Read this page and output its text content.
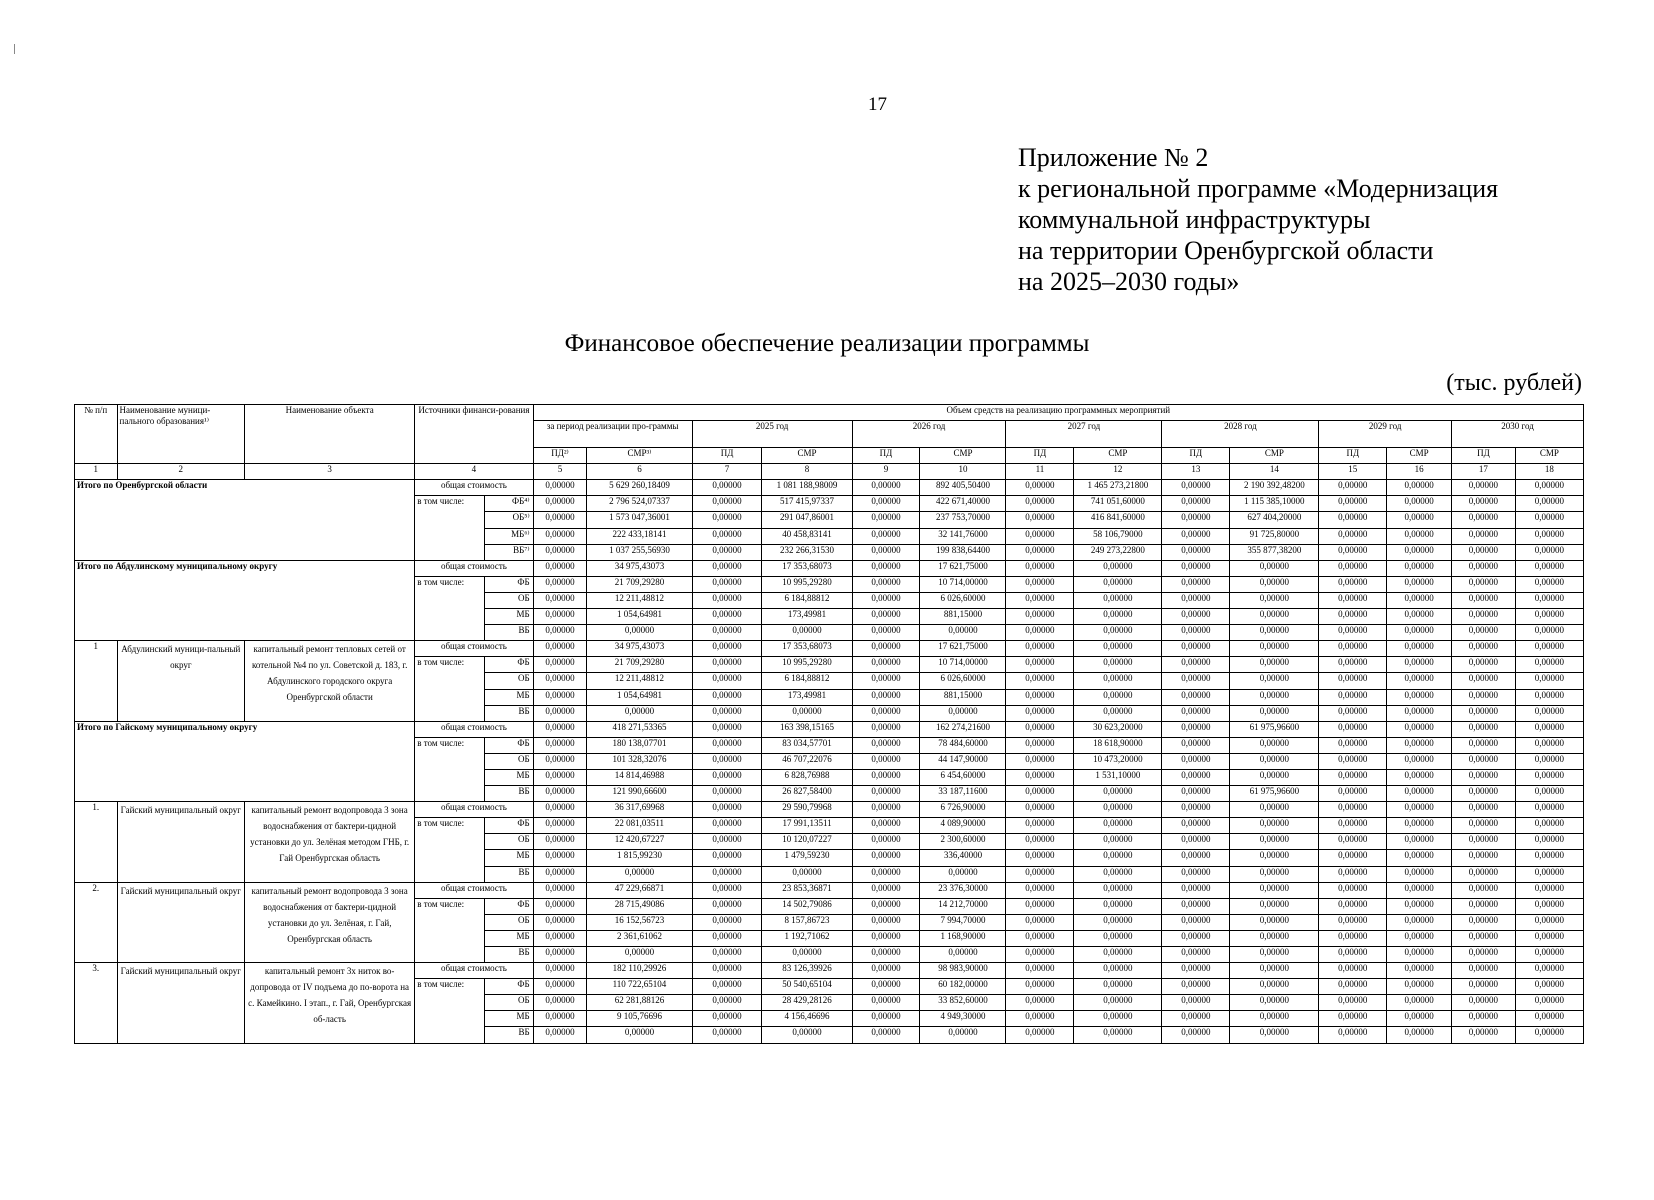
17
Приложение № 2
к региональной программе «Модернизация
коммунальной инфраструктуры
на территории Оренбургской области
на 2025–2030 годы»
Финансовое обеспечение реализации программы
(тыс. рублей)
№ п/п	Наименование муници-пального образования¹⁾	Наименование объекта	Источники финанси-рования		Объем средств на реализацию программных мероприятий													
					за период реализации про-граммы		2025 год		2026 год		2027 год		2028 год		2029 год		2030 год	
					ПД²⁾	СМР³⁾	ПД	СМР	ПД	СМР	ПД	СМР	ПД	СМР	ПД	СМР	ПД	СМР
1	2	3	4		5	6	7	8	9	10	11	12	13	14	15	16	17	18
Итого по Оренбургской области			общая стоимость		0,00000	5 629 260,18409	0,00000	1 081 188,98009	0,00000	892 405,50400	0,00000	1 465 273,21800	0,00000	2 190 392,48200	0,00000	0,00000	0,00000	0,00000
			в том числе:	ФБ⁴⁾	0,00000	2 796 524,07337	0,00000	517 415,97337	0,00000	422 671,40000	0,00000	741 051,60000	0,00000	1 115 385,10000	0,00000	0,00000	0,00000	0,00000
				ОБ⁵⁾	0,00000	1 573 047,36001	0,00000	291 047,86001	0,00000	237 753,70000	0,00000	416 841,60000	0,00000	627 404,20000	0,00000	0,00000	0,00000	0,00000
				МБ⁶⁾	0,00000	222 433,18141	0,00000	40 458,83141	0,00000	32 141,76000	0,00000	58 106,79000	0,00000	91 725,80000	0,00000	0,00000	0,00000	0,00000
				ВБ⁷⁾	0,00000	1 037 255,56930	0,00000	232 266,31530	0,00000	199 838,64400	0,00000	249 273,22800	0,00000	355 877,38200	0,00000	0,00000	0,00000	0,00000
Итого по Абдулинскому муниципальному округу			общая стоимость		0,00000	34 975,43073	0,00000	17 353,68073	0,00000	17 621,75000	0,00000	0,00000	0,00000	0,00000	0,00000	0,00000	0,00000	0,00000
			в том числе:	ФБ	0,00000	21 709,29280	0,00000	10 995,29280	0,00000	10 714,00000	0,00000	0,00000	0,00000	0,00000	0,00000	0,00000	0,00000	0,00000
				ОБ	0,00000	12 211,48812	0,00000	6 184,88812	0,00000	6 026,60000	0,00000	0,00000	0,00000	0,00000	0,00000	0,00000	0,00000	0,00000
				МБ	0,00000	1 054,64981	0,00000	173,49981	0,00000	881,15000	0,00000	0,00000	0,00000	0,00000	0,00000	0,00000	0,00000	0,00000
				ВБ	0,00000	0,00000	0,00000	0,00000	0,00000	0,00000	0,00000	0,00000	0,00000	0,00000	0,00000	0,00000	0,00000	0,00000
1	Абдулинский муници-пальный округ	капитальный ремонт тепловых сетей от котельной №4 по ул. Советской д. 183, г. Абдулинского городского округа Оренбургской области	общая стоимость		0,00000	34 975,43073	0,00000	17 353,68073	0,00000	17 621,75000	0,00000	0,00000	0,00000	0,00000	0,00000	0,00000	0,00000	0,00000
			в том числе:	ФБ	0,00000	21 709,29280	0,00000	10 995,29280	0,00000	10 714,00000	0,00000	0,00000	0,00000	0,00000	0,00000	0,00000	0,00000	0,00000
				ОБ	0,00000	12 211,48812	0,00000	6 184,88812	0,00000	6 026,60000	0,00000	0,00000	0,00000	0,00000	0,00000	0,00000	0,00000	0,00000
				МБ	0,00000	1 054,64981	0,00000	173,49981	0,00000	881,15000	0,00000	0,00000	0,00000	0,00000	0,00000	0,00000	0,00000	0,00000
				ВБ	0,00000	0,00000	0,00000	0,00000	0,00000	0,00000	0,00000	0,00000	0,00000	0,00000	0,00000	0,00000	0,00000	0,00000
Итого по Гайскому муниципальному округу			общая стоимость		0,00000	418 271,53365	0,00000	163 398,15165	0,00000	162 274,21600	0,00000	30 623,20000	0,00000	61 975,96600	0,00000	0,00000	0,00000	0,00000
			в том числе:	ФБ	0,00000	180 138,07701	0,00000	83 034,57701	0,00000	78 484,60000	0,00000	18 618,90000	0,00000	0,00000	0,00000	0,00000	0,00000	0,00000
				ОБ	0,00000	101 328,32076	0,00000	46 707,22076	0,00000	44 147,90000	0,00000	10 473,20000	0,00000	0,00000	0,00000	0,00000	0,00000	0,00000
				МБ	0,00000	14 814,46988	0,00000	6 828,76988	0,00000	6 454,60000	0,00000	1 531,10000	0,00000	0,00000	0,00000	0,00000	0,00000	0,00000
				ВБ	0,00000	121 990,66600	0,00000	26 827,58400	0,00000	33 187,11600	0,00000	0,00000	0,00000	61 975,96600	0,00000	0,00000	0,00000	0,00000
1.	Гайский муниципальный округ	капитальный ремонт водопровода 3 зона водоснабжения от бактери-цидной установки до ул. Зелёная методом ГНБ, г. Гай Оренбургская область	общая стоимость		0,00000	36 317,69968	0,00000	29 590,79968	0,00000	6 726,90000	0,00000	0,00000	0,00000	0,00000	0,00000	0,00000	0,00000	0,00000
			в том числе:	ФБ	0,00000	22 081,03511	0,00000	17 991,13511	0,00000	4 089,90000	0,00000	0,00000	0,00000	0,00000	0,00000	0,00000	0,00000	0,00000
				ОБ	0,00000	12 420,67227	0,00000	10 120,07227	0,00000	2 300,60000	0,00000	0,00000	0,00000	0,00000	0,00000	0,00000	0,00000	0,00000
				МБ	0,00000	1 815,99230	0,00000	1 479,59230	0,00000	336,40000	0,00000	0,00000	0,00000	0,00000	0,00000	0,00000	0,00000	0,00000
				ВБ	0,00000	0,00000	0,00000	0,00000	0,00000	0,00000	0,00000	0,00000	0,00000	0,00000	0,00000	0,00000	0,00000	0,00000
2.	Гайский муниципальный округ	капитальный ремонт водопровода 3 зона водоснабжения от бактери-цидной установки до ул. Зелёная, г. Гай, Оренбургская область	общая стоимость		0,00000	47 229,66871	0,00000	23 853,36871	0,00000	23 376,30000	0,00000	0,00000	0,00000	0,00000	0,00000	0,00000	0,00000	0,00000
			в том числе:	ФБ	0,00000	28 715,49086	0,00000	14 502,79086	0,00000	14 212,70000	0,00000	0,00000	0,00000	0,00000	0,00000	0,00000	0,00000	0,00000
				ОБ	0,00000	16 152,56723	0,00000	8 157,86723	0,00000	7 994,70000	0,00000	0,00000	0,00000	0,00000	0,00000	0,00000	0,00000	0,00000
				МБ	0,00000	2 361,61062	0,00000	1 192,71062	0,00000	1 168,90000	0,00000	0,00000	0,00000	0,00000	0,00000	0,00000	0,00000	0,00000
				ВБ	0,00000	0,00000	0,00000	0,00000	0,00000	0,00000	0,00000	0,00000	0,00000	0,00000	0,00000	0,00000	0,00000	0,00000
3.	Гайский муниципальный округ	капитальный ремонт 3х ниток во-допровода от IV подъема до по-ворота на с. Камейкино. I этап., г. Гай, Оренбургская об-ласть	общая стоимость		0,00000	182 110,29926	0,00000	83 126,39926	0,00000	98 983,90000	0,00000	0,00000	0,00000	0,00000	0,00000	0,00000	0,00000	0,00000
			в том числе:	ФБ	0,00000	110 722,65104	0,00000	50 540,65104	0,00000	60 182,00000	0,00000	0,00000	0,00000	0,00000	0,00000	0,00000	0,00000	0,00000
				ОБ	0,00000	62 281,88126	0,00000	28 429,28126	0,00000	33 852,60000	0,00000	0,00000	0,00000	0,00000	0,00000	0,00000	0,00000	0,00000
				МБ	0,00000	9 105,76696	0,00000	4 156,46696	0,00000	4 949,30000	0,00000	0,00000	0,00000	0,00000	0,00000	0,00000	0,00000	0,00000
				ВБ	0,00000	0,00000	0,00000	0,00000	0,00000	0,00000	0,00000	0,00000	0,00000	0,00000	0,00000	0,00000	0,00000	0,00000
